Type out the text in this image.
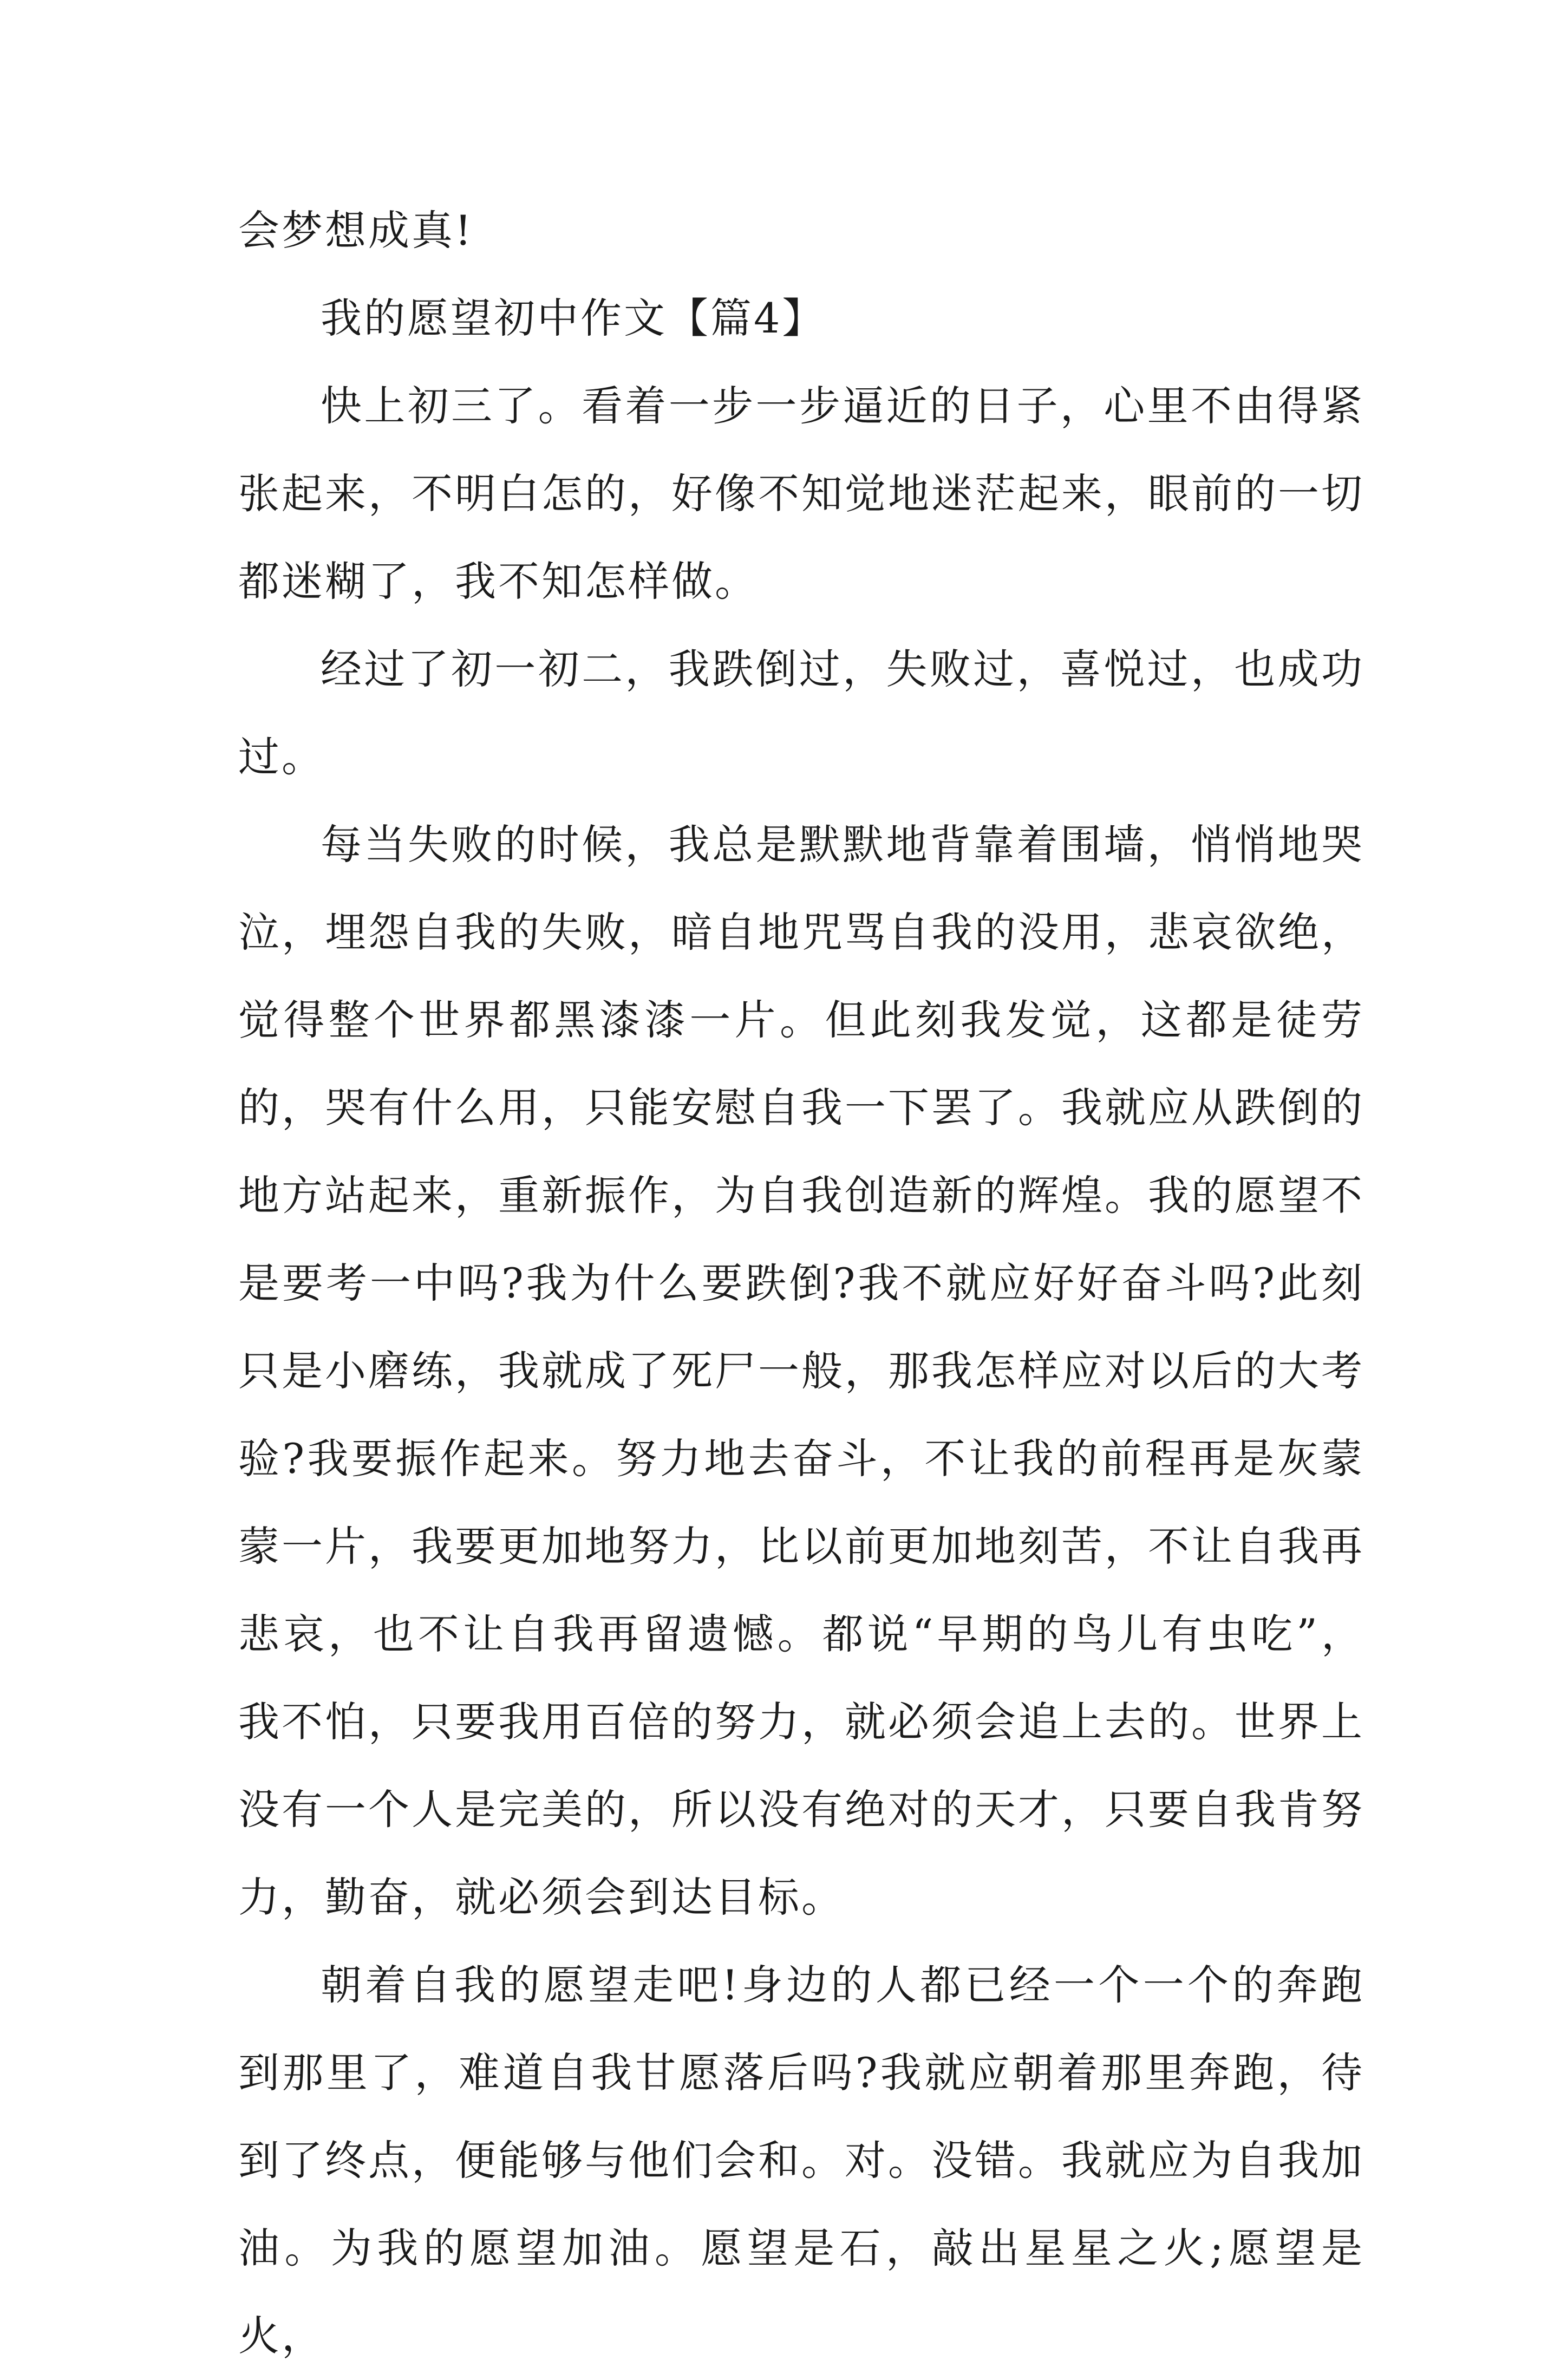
会梦想成真!

我的愿望初中作文【篇4】

快上初三了。看着一步一步逼近的日子，心里不由得紧张起来，不明白怎的，好像不知觉地迷茫起来，眼前的一切都迷糊了，我不知怎样做。

经过了初一初二，我跌倒过，失败过，喜悦过，也成功过。

每当失败的时候，我总是默默地背靠着围墙，悄悄地哭泣，埋怨自我的失败，暗自地咒骂自我的没用，悲哀欲绝，觉得整个世界都黑漆漆一片。但此刻我发觉，这都是徒劳的，哭有什么用，只能安慰自我一下罢了。我就应从跌倒的地方站起来，重新振作，为自我创造新的辉煌。我的愿望不是要考一中吗?我为什么要跌倒?我不就应好好奋斗吗?此刻只是小磨练，我就成了死尸一般，那我怎样应对以后的大考验?我要振作起来。努力地去奋斗，不让我的前程再是灰蒙蒙一片，我要更加地努力，比以前更加地刻苦，不让自我再悲哀，也不让自我再留遗憾。都说“早期的鸟儿有虫吃”，我不怕，只要我用百倍的努力，就必须会追上去的。世界上没有一个人是完美的，所以没有绝对的天才，只要自我肯努力，勤奋，就必须会到达目标。

朝着自我的愿望走吧!身边的人都已经一个一个的奔跑到那里了，难道自我甘愿落后吗?我就应朝着那里奔跑，待到了终点，便能够与他们会和。对。没错。我就应为自我加油。为我的愿望加油。愿望是石，敲出星星之火;愿望是火，
